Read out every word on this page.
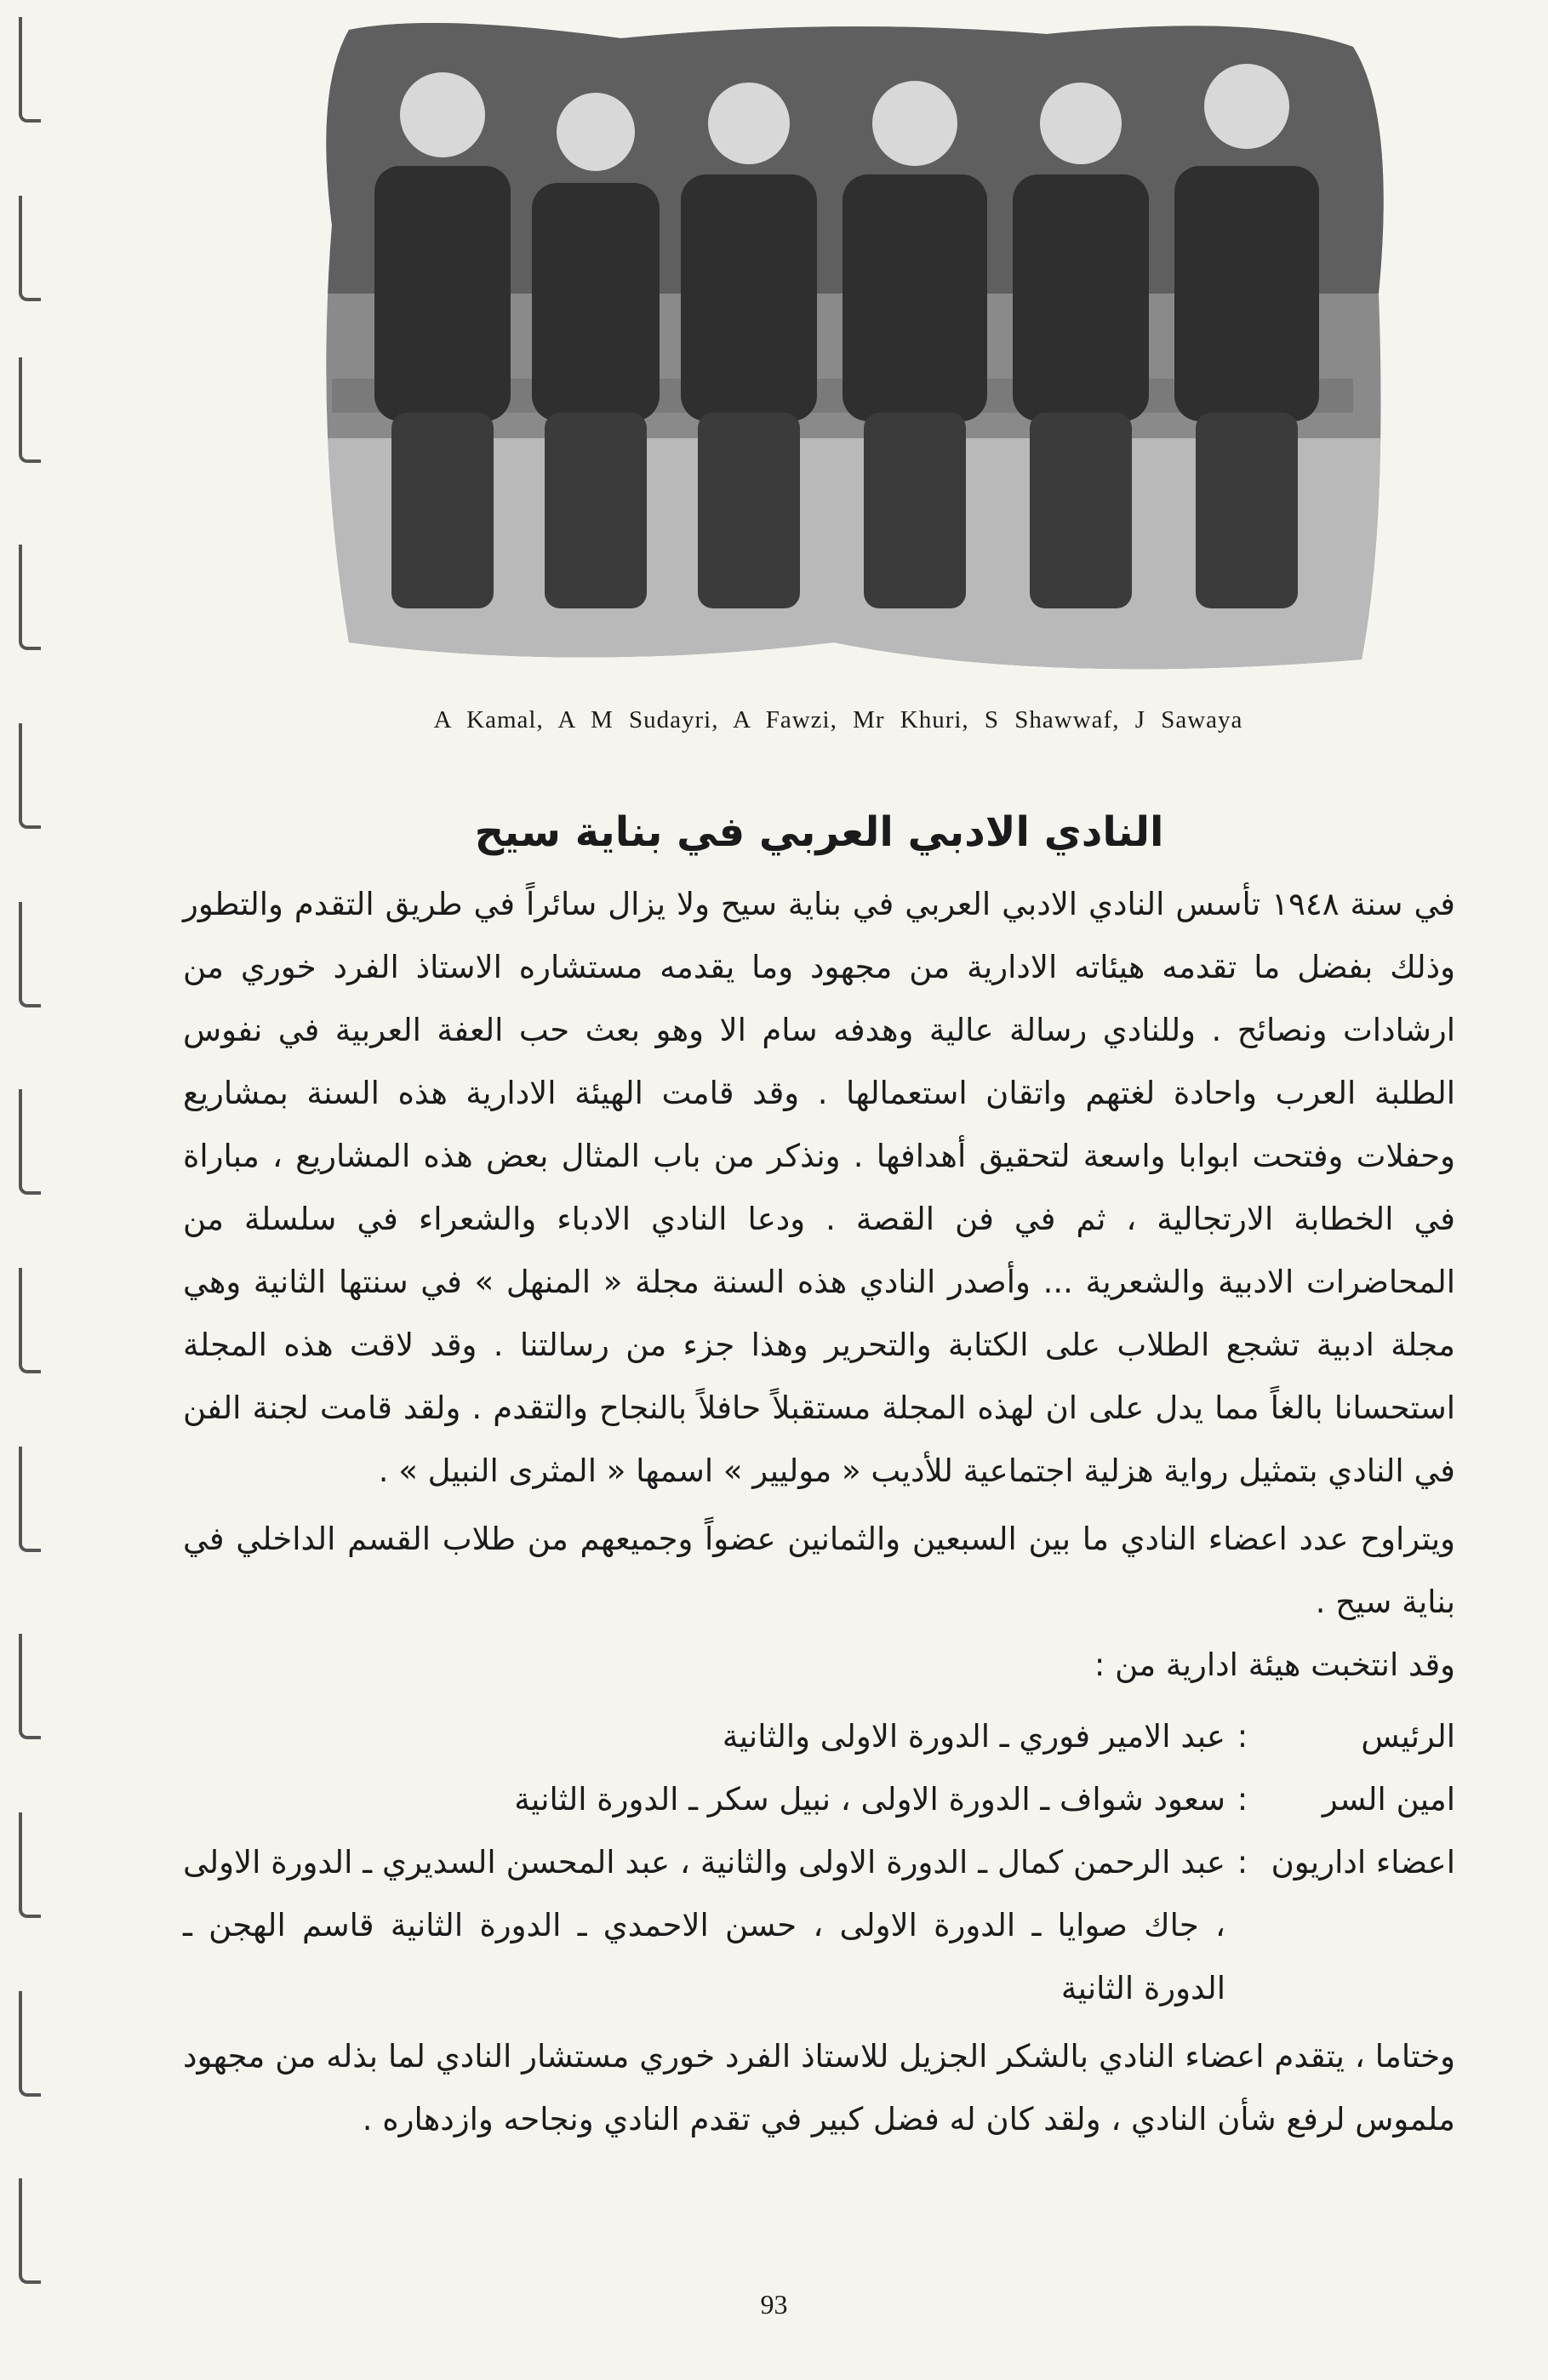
A Kamal, A M Sudayri, A Fawzi, Mr Khuri, S Shawwaf, J Sawaya
النادي الادبي العربي في بناية سيح

في سنة ١٩٤٨ تأسس النادي الادبي العربي في بناية سيح ولا يزال سائراً في طريق التقدم والتطور وذلك بفضل ما تقدمه هيئاته الادارية من مجهود وما يقدمه مستشاره الاستاذ الفرد خوري من ارشادات ونصائح . وللنادي رسالة عالية وهدفه سام الا وهو بعث حب العفة العربية في نفوس الطلبة العرب واحادة لغتهم واتقان استعمالها . وقد قامت الهيئة الادارية هذه السنة بمشاريع وحفلات وفتحت ابوابا واسعة لتحقيق أهدافها . ونذكر من باب المثال بعض هذه المشاريع ، مباراة في الخطابة الارتجالية ، ثم في فن القصة . ودعا النادي الادباء والشعراء في سلسلة من المحاضرات الادبية والشعرية ... وأصدر النادي هذه السنة مجلة « المنهل » في سنتها الثانية وهي مجلة ادبية تشجع الطلاب على الكتابة والتحرير وهذا جزء من رسالتنا . وقد لاقت هذه المجلة استحسانا بالغاً مما يدل على ان لهذه المجلة مستقبلاً حافلاً بالنجاح والتقدم . ولقد قامت لجنة الفن في النادي بتمثيل رواية هزلية اجتماعية للأديب « موليير » اسمها « المثرى النبيل » .

ويتراوح عدد اعضاء النادي ما بين السبعين والثمانين عضواً وجميعهم من طلاب القسم الداخلي في بناية سيح .

وقد انتخبت هيئة ادارية من :

الرئيس
:
عبد الامير فوري ـ الدورة الاولى والثانية
امين السر
:
سعود شواف ـ الدورة الاولى ، نبيل سكر ـ الدورة الثانية
اعضاء اداريون
:
عبد الرحمن كمال ـ الدورة الاولى والثانية ، عبد المحسن السديري ـ الدورة الاولى ، جاك صوايا ـ الدورة الاولى ، حسن الاحمدي ـ الدورة الثانية قاسم الهجن ـ الدورة الثانية

وختاما ، يتقدم اعضاء النادي بالشكر الجزيل للاستاذ الفرد خوري مستشار النادي لما بذله من مجهود ملموس لرفع شأن النادي ، ولقد كان له فضل كبير في تقدم النادي ونجاحه وازدهاره .

93
